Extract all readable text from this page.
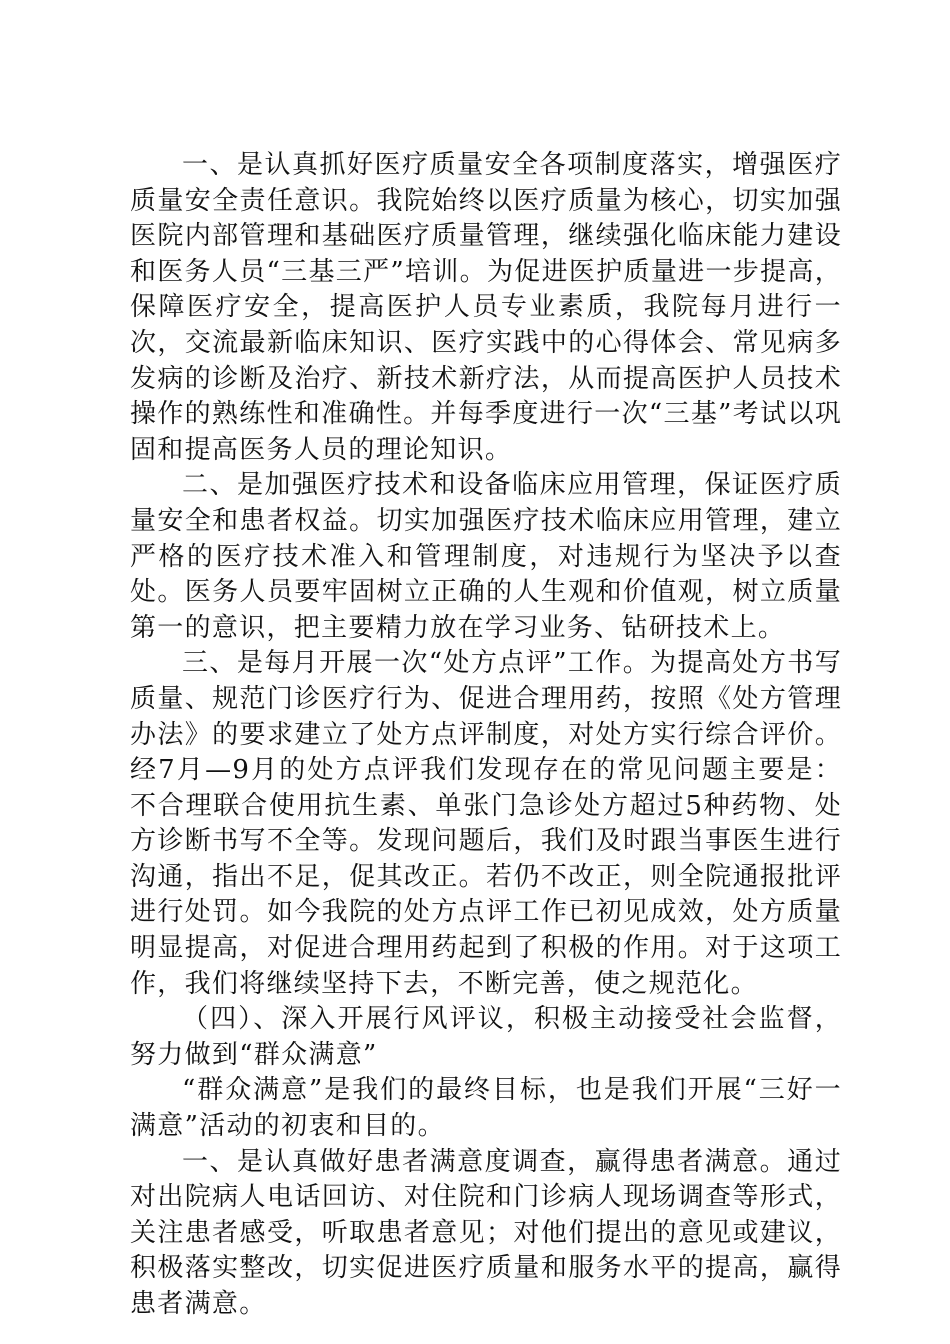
一、是认真抓好医疗质量安全各项制度落实，增强医疗质量安全责任意识。我院始终以医疗质量为核心，切实加强医院内部管理和基础医疗质量管理，继续强化临床能力建设和医务人员“三基三严”培训。为促进医护质量进一步提高，保障医疗安全，提高医护人员专业素质，我院每月进行一次，交流最新临床知识、医疗实践中的心得体会、常见病多发病的诊断及治疗、新技术新疗法，从而提高医护人员技术操作的熟练性和准确性。并每季度进行一次“三基”考试以巩固和提高医务人员的理论知识。

二、是加强医疗技术和设备临床应用管理，保证医疗质量安全和患者权益。切实加强医疗技术临床应用管理，建立严格的医疗技术准入和管理制度，对违规行为坚决予以查处。医务人员要牢固树立正确的人生观和价值观，树立质量第一的意识，把主要精力放在学习业务、钻研技术上。

三、是每月开展一次“处方点评”工作。为提高处方书写质量、规范门诊医疗行为、促进合理用药，按照《处方管理办法》的要求建立了处方点评制度，对处方实行综合评价。经7月—9月的处方点评我们发现存在的常见问题主要是：不合理联合使用抗生素、单张门急诊处方超过5种药物、处方诊断书写不全等。发现问题后，我们及时跟当事医生进行沟通，指出不足，促其改正。若仍不改正，则全院通报批评进行处罚。如今我院的处方点评工作已初见成效，处方质量明显提高，对促进合理用药起到了积极的作用。对于这项工作，我们将继续坚持下去，不断完善，使之规范化。

（四）、深入开展行风评议，积极主动接受社会监督，努力做到“群众满意”

“群众满意”是我们的最终目标，也是我们开展“三好一满意”活动的初衷和目的。

一、是认真做好患者满意度调查，赢得患者满意。通过对出院病人电话回访、对住院和门诊病人现场调查等形式，关注患者感受，听取患者意见；对他们提出的意见或建议，积极落实整改，切实促进医疗质量和服务水平的提高，赢得患者满意。
